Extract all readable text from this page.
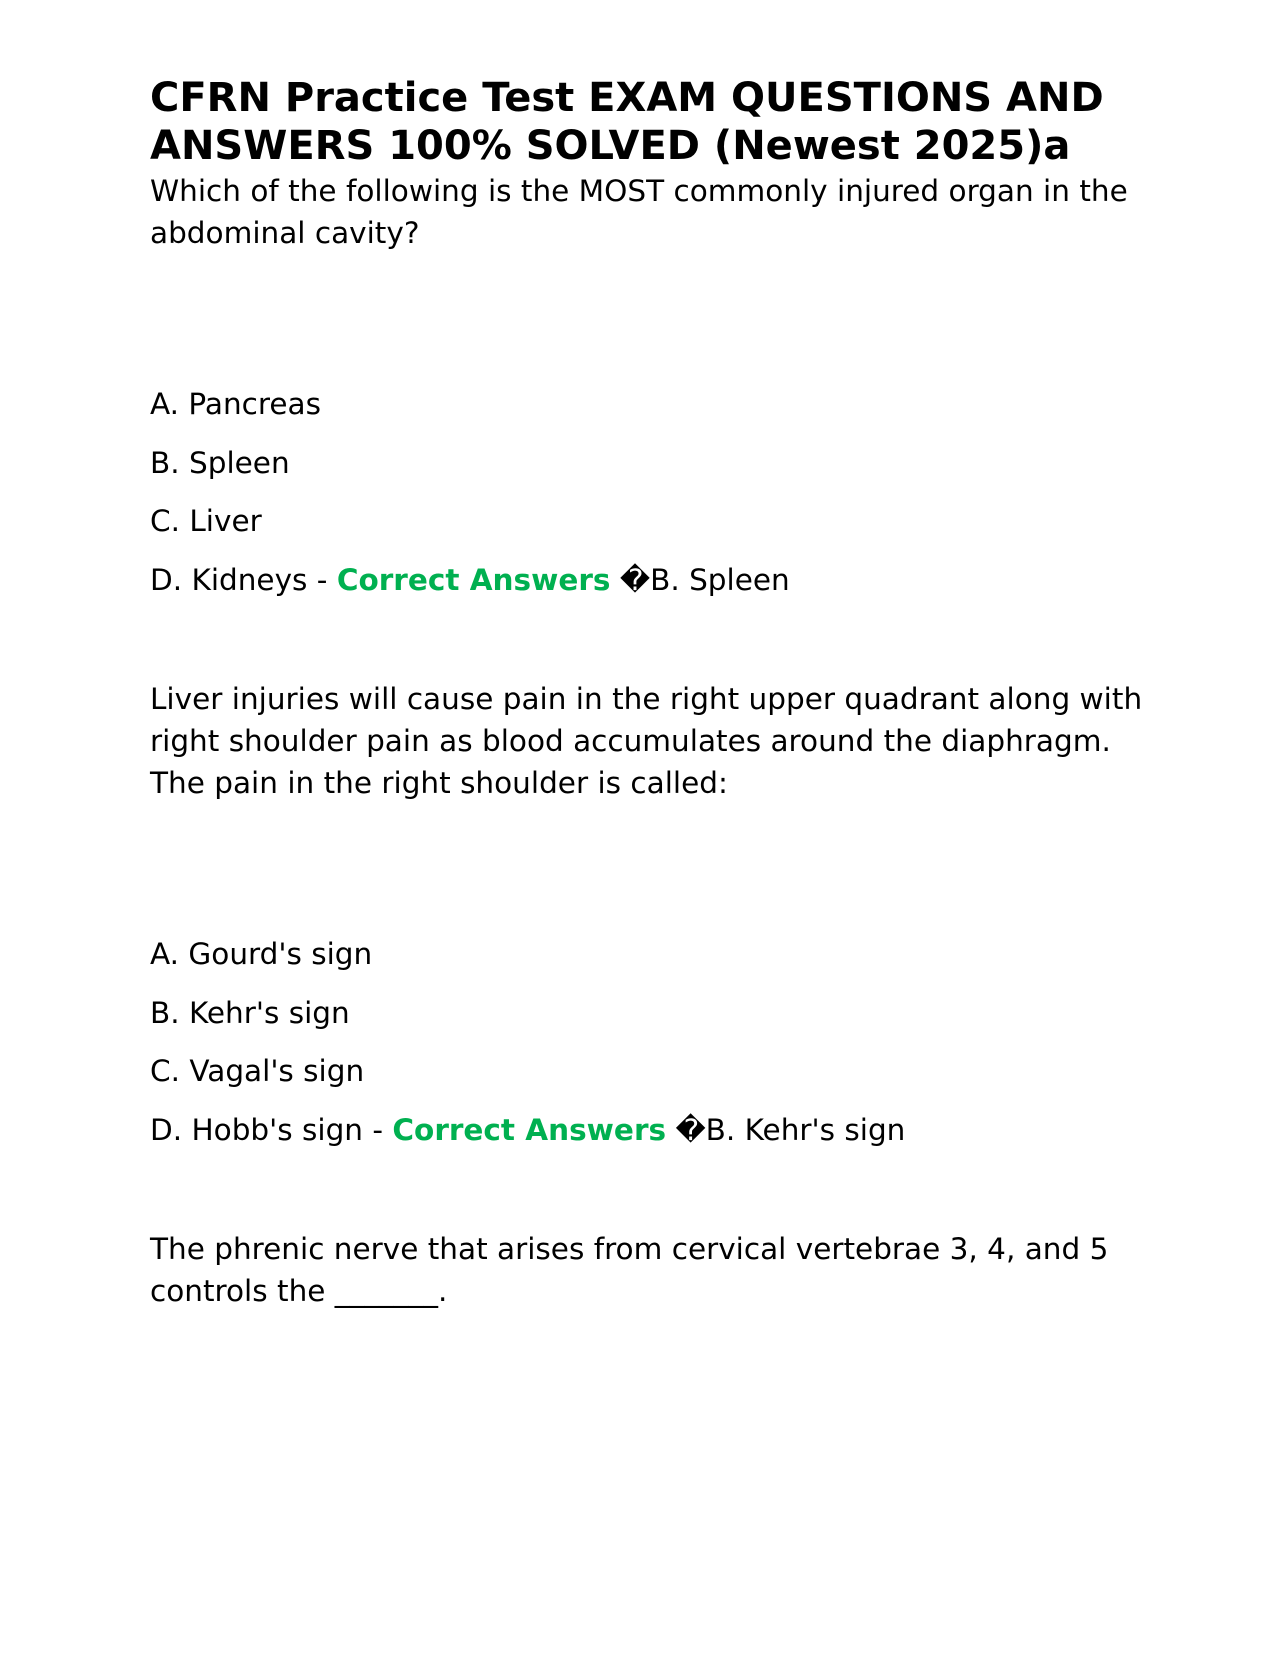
CFRN Practice Test EXAM QUESTIONS AND ANSWERS 100% SOLVED (Newest 2025)a

Which of the following is the MOST commonly injured organ in the abdominal cavity?

A. Pancreas

B. Spleen

C. Liver

D. Kidneys - Correct Answers �B. Spleen

Liver injuries will cause pain in the right upper quadrant along with right shoulder pain as blood accumulates around the diaphragm. The pain in the right shoulder is called:

A. Gourd's sign

B. Kehr's sign

C. Vagal's sign

D. Hobb's sign - Correct Answers �B. Kehr's sign

The phrenic nerve that arises from cervical vertebrae 3, 4, and 5 controls the _______.
